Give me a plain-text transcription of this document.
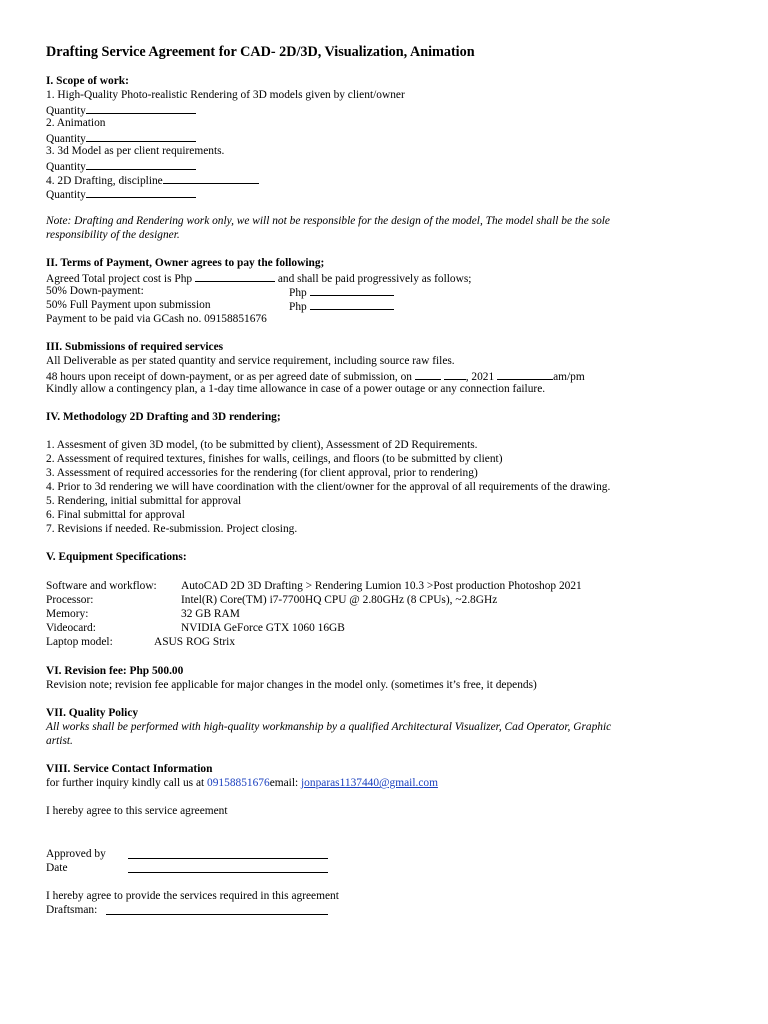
Drafting Service Agreement for CAD- 2D/3D, Visualization, Animation
I. Scope of work:
1. High-Quality Photo-realistic Rendering of 3D models given by client/owner
Quantity
2. Animation
Quantity
3. 3d Model as per client requirements.
Quantity
4. 2D Drafting, discipline
Quantity
Note: Drafting and Rendering work only, we will not be responsible for the design of the model, The model shall be the sole
responsibility of the designer.
II. Terms of Payment, Owner agrees to pay the following;
Agreed Total project cost is Php	and shall be paid progressively as follows;
50% Down-payment:	Php
50% Full Payment upon submission	Php
Payment to be paid via GCash no. 09158851676
III. Submissions of required services
All Deliverable as per stated quantity and service requirement, including source raw files.
48 hours upon receipt of down-payment, or as per agreed date of submission, on	, 2021	am/pm
Kindly allow a contingency plan, a 1-day time allowance in case of a power outage or any connection failure.
IV. Methodology 2D Drafting and 3D rendering;
1. Assesment of given 3D model, (to be submitted by client), Assessment of 2D Requirements.
2. Assessment of required textures, finishes for walls, ceilings, and floors (to be submitted by client)
3. Assessment of required accessories for the rendering (for client approval, prior to rendering)
4. Prior to 3d rendering we will have coordination with the client/owner for the approval of all requirements of the drawing.
5. Rendering, initial submittal for approval
6. Final submittal for approval
7. Revisions if needed. Re-submission. Project closing.
V. Equipment Specifications:
Software and workflow: AutoCAD 2D 3D Drafting > Rendering Lumion 10.3 >Post production Photoshop 2021
Processor:	Intel(R) Core(TM) i7-7700HQ CPU @ 2.80GHz (8 CPUs), ~2.8GHz
Memory:	32 GB RAM
Videocard:	NVIDIA GeForce GTX 1060 16GB
Laptop model:	ASUS ROG Strix
VI. Revision fee: Php 500.00
Revision note; revision fee applicable for major changes in the model only. (sometimes it’s free, it depends)
VII. Quality Policy
All works shall be performed with high-quality workmanship by a qualified Architectural Visualizer, Cad Operator, Graphic
artist.
VIII. Service Contact Information
for further inquiry kindly call us at 09158851676email: jonparas1137440@gmail.com
I hereby agree to this service agreement
Approved by
Date
I hereby agree to provide the services required in this agreement
Draftsman:
